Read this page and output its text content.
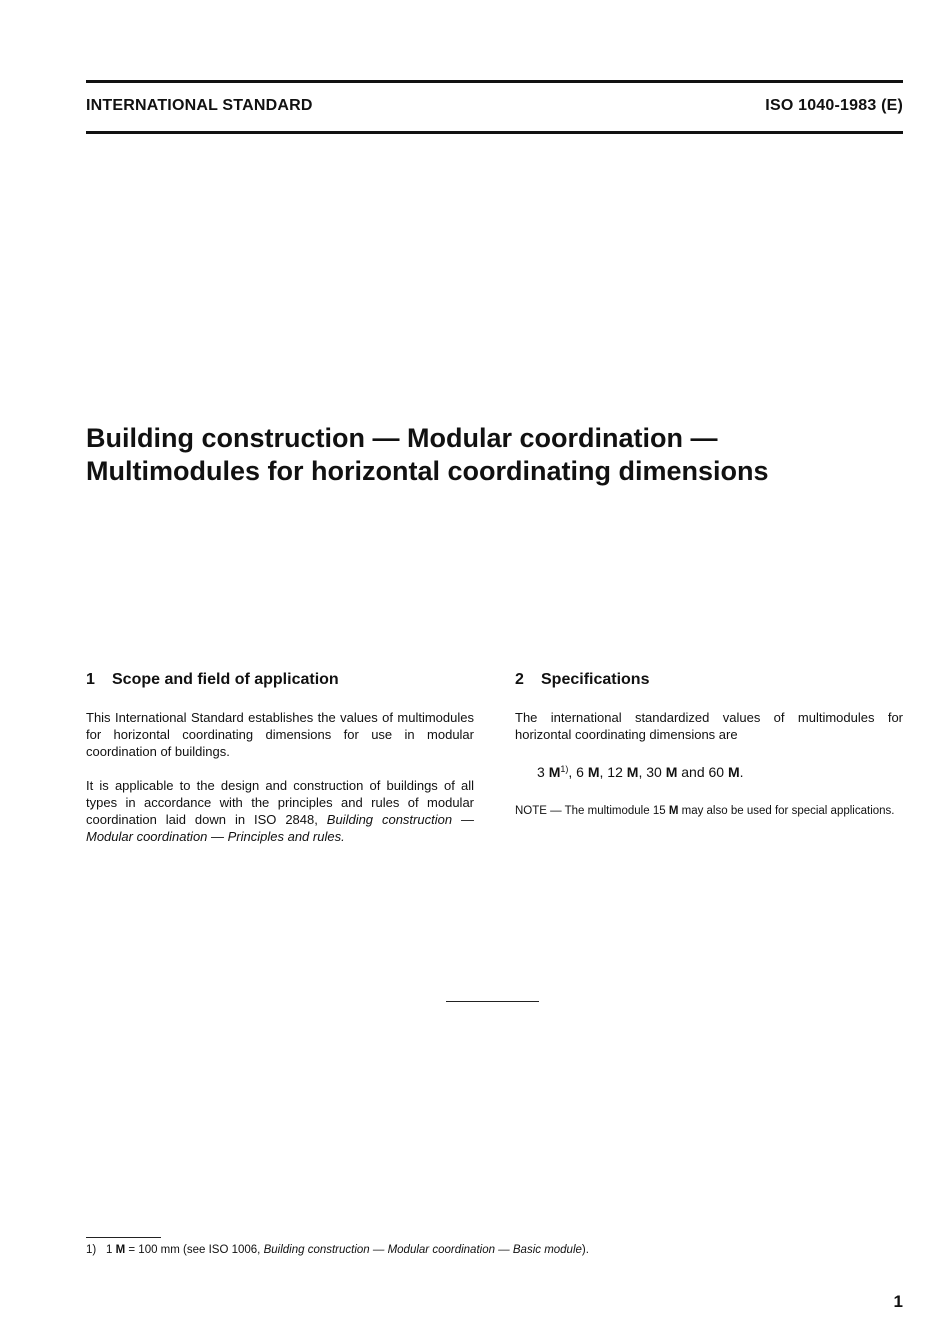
INTERNATIONAL STANDARD	ISO 1040-1983 (E)
Building construction — Modular coordination —
Multimodules for horizontal coordinating dimensions
1 Scope and field of application

This International Standard establishes the values of multimodules for horizontal coordinating dimensions for use in modular coordination of buildings.

It is applicable to the design and construction of buildings of all types in accordance with the principles and rules of modular coordination laid down in ISO 2848, Building construction — Modular coordination — Principles and rules.

2 Specifications

The international standardized values of multimodules for horizontal coordinating dimensions are

3 $M^{1)}$, 6 M, 12 M, 30 M and 60 M.

NOTE — The multimodule 15 M may also be used for special applications.

1) 1 M = 100 mm (see ISO 1006, Building construction — Modular coordination — Basic module).
1
